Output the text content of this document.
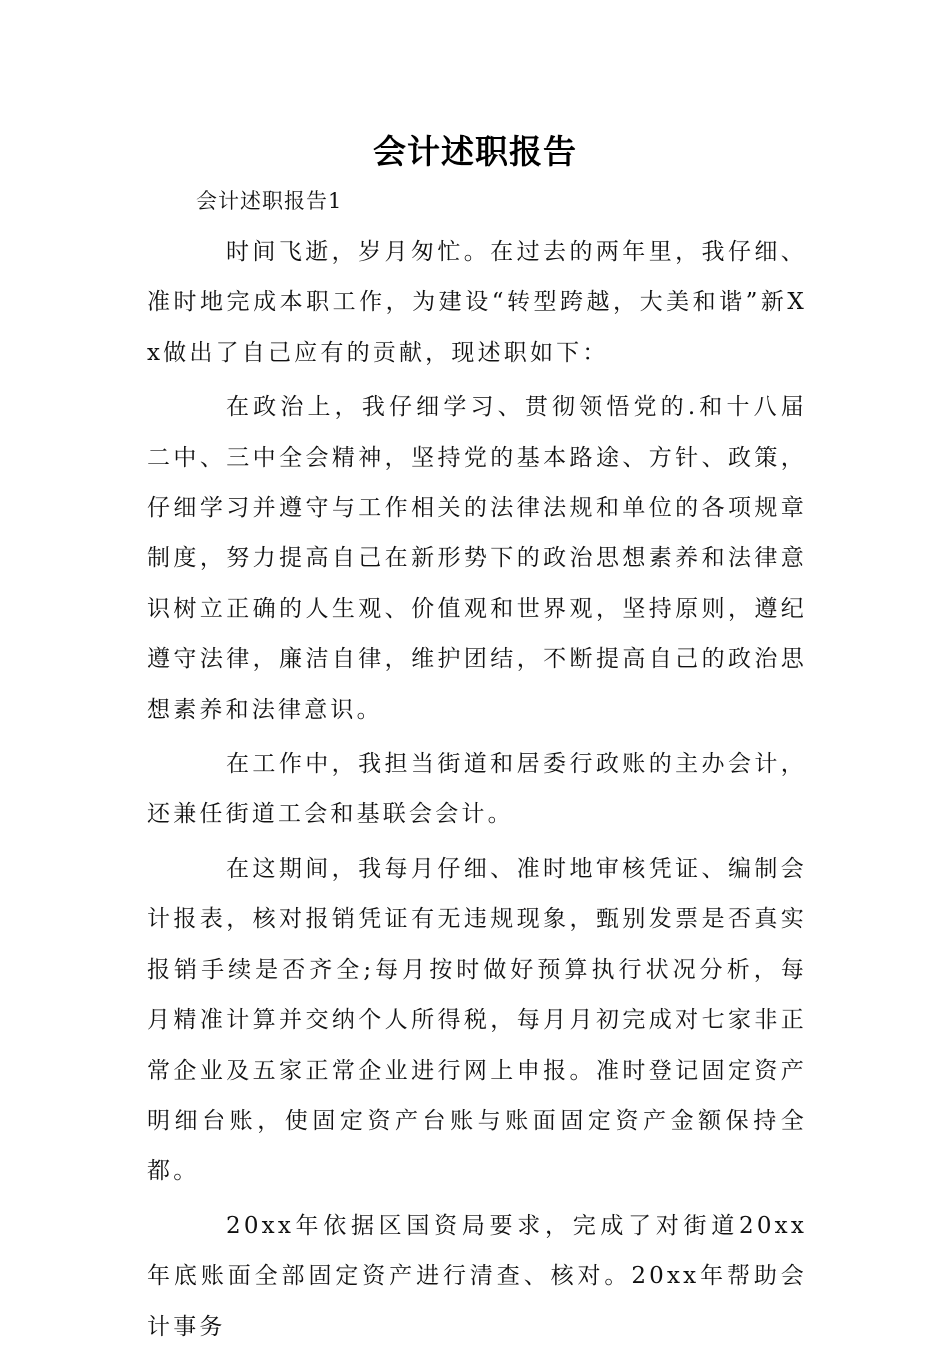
会计述职报告
会计述职报告1

时间飞逝，岁月匆忙。在过去的两年里，我仔细、准时地完成本职工作，为建设“转型跨越，大美和谐”新Xx做出了自己应有的贡献，现述职如下：

在政治上，我仔细学习、贯彻领悟党的.和十八届二中、三中全会精神，坚持党的基本路途、方针、政策，仔细学习并遵守与工作相关的法律法规和单位的各项规章制度，努力提高自己在新形势下的政治思想素养和法律意识树立正确的人生观、价值观和世界观，坚持原则，遵纪遵守法律，廉洁自律，维护团结，不断提高自己的政治思想素养和法律意识。

在工作中，我担当街道和居委行政账的主办会计，还兼任街道工会和基联会会计。

在这期间，我每月仔细、准时地审核凭证、编制会计报表，核对报销凭证有无违规现象，甄别发票是否真实报销手续是否齐全;每月按时做好预算执行状况分析，每月精准计算并交纳个人所得税，每月月初完成对七家非正常企业及五家正常企业进行网上申报。准时登记固定资产明细台账，使固定资产台账与账面固定资产金额保持全都。

20xx年依据区国资局要求，完成了对街道20xx年底账面全部固定资产进行清查、核对。20xx年帮助会计事务
